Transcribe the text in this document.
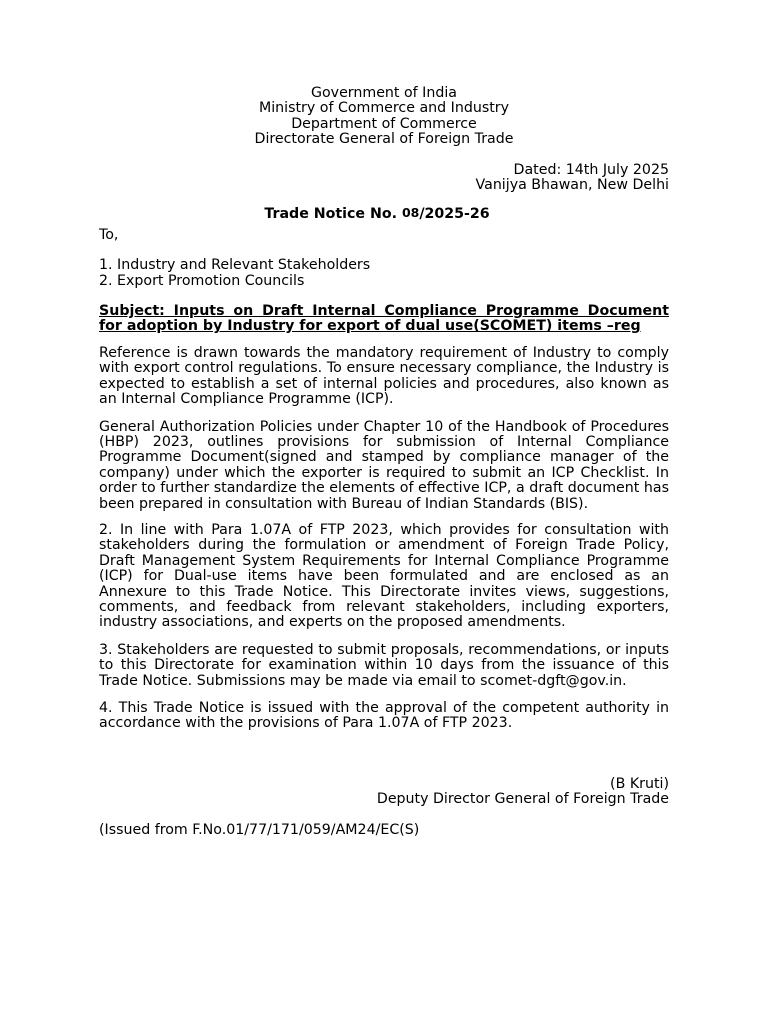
Government of India
Ministry of Commerce and Industry
Department of Commerce
Directorate General of Foreign Trade
Dated: 14th July 2025
Vanijya Bhawan, New Delhi
Trade Notice No. 08/2025-26
To,
1. Industry and Relevant Stakeholders
2. Export Promotion Councils
Subject: Inputs on Draft Internal Compliance Programme Document for adoption by Industry for export of dual use(SCOMET) items –reg

Reference is drawn towards the mandatory requirement of Industry to comply with export control regulations. To ensure necessary compliance, the Industry is expected to establish a set of internal policies and procedures, also known as an Internal Compliance Programme (ICP).

General Authorization Policies under Chapter 10 of the Handbook of Procedures (HBP) 2023, outlines provisions for submission of Internal Compliance Programme Document(signed and stamped by compliance manager of the company) under which the exporter is required to submit an ICP Checklist. In order to further standardize the elements of effective ICP, a draft document has been prepared in consultation with Bureau of Indian Standards (BIS).

2. In line with Para 1.07A of FTP 2023, which provides for consultation with stakeholders during the formulation or amendment of Foreign Trade Policy, Draft Management System Requirements for Internal Compliance Programme (ICP) for Dual-use items have been formulated and are enclosed as an Annexure to this Trade Notice. This Directorate invites views, suggestions, comments, and feedback from relevant stakeholders, including exporters, industry associations, and experts on the proposed amendments.

3. Stakeholders are requested to submit proposals, recommendations, or inputs to this Directorate for examination within 10 days from the issuance of this Trade Notice. Submissions may be made via email to scomet-dgft@gov.in.

4. This Trade Notice is issued with the approval of the competent authority in accordance with the provisions of Para 1.07A of FTP 2023.

(B Kruti)
Deputy Director General of Foreign Trade
(Issued from F.No.01/77/171/059/AM24/EC(S)
